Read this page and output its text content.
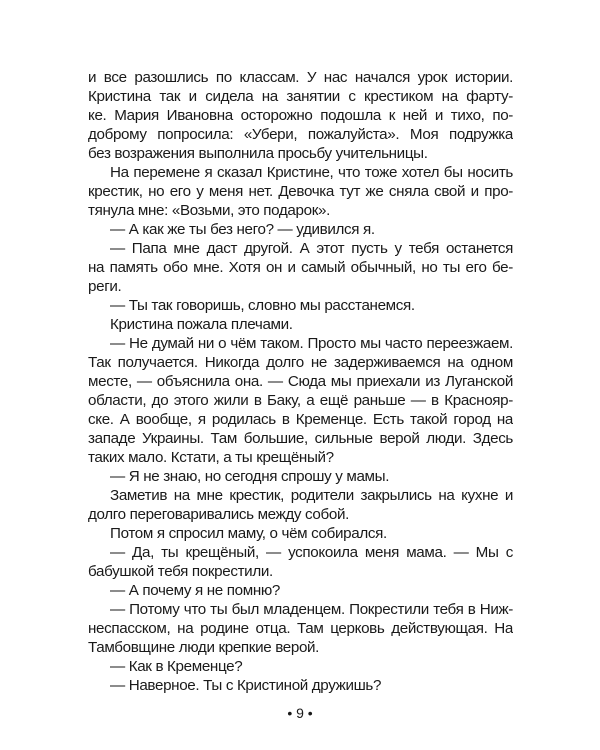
и все разошлись по классам. У нас начался урок истории.
Кристина так и сидела на занятии с крестиком на фарту-
ке. Мария Ивановна осторожно подошла к ней и тихо, по-
доброму попросила: «Убери, пожалуйста». Моя подружка
без возражения выполнила просьбу учительницы.
На перемене я сказал Кристине, что тоже хотел бы носить
крестик, но его у меня нет. Девочка тут же сняла свой и про-
тянула мне: «Возьми, это подарок».
— А как же ты без него? — удивился я.
— Папа мне даст другой. А этот пусть у тебя останется
на память обо мне. Хотя он и самый обычный, но ты его бе-
реги.
— Ты так говоришь, словно мы расстанемся.
Кристина пожала плечами.
— Не думай ни о чём таком. Просто мы часто переезжаем.
Так получается. Никогда долго не задерживаемся на одном
месте, — объяснила она. — Сюда мы приехали из Луганской
области, до этого жили в Баку, а ещё раньше — в Краснояр-
ске. А вообще, я родилась в Кременце. Есть такой город на
западе Украины. Там большие, сильные верой люди. Здесь
таких мало. Кстати, а ты крещёный?
— Я не знаю, но сегодня спрошу у мамы.
Заметив на мне крестик, родители закрылись на кухне и
долго переговаривались между собой.
Потом я спросил маму, о чём собирался.
— Да, ты крещёный, — успокоила меня мама. — Мы с
бабушкой тебя покрестили.
— А почему я не помню?
— Потому что ты был младенцем. Покрестили тебя в Ниж-
неспасском, на родине отца. Там церковь действующая. На
Тамбовщине люди крепкие верой.
— Как в Кременце?
— Наверное. Ты с Кристиной дружишь?
• 9 •
